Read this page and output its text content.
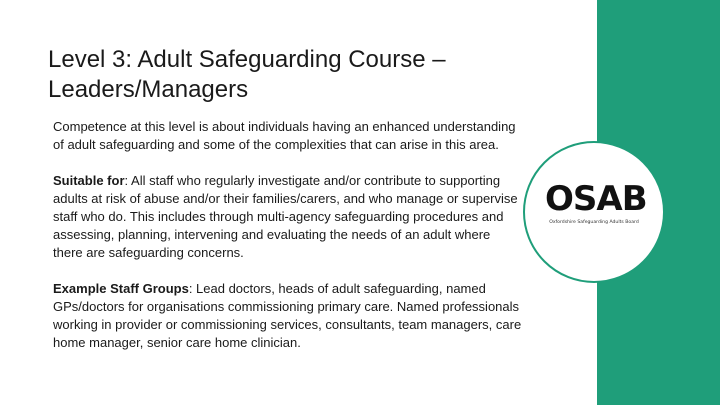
OSAB
Oxfordshire Safeguarding Adults Board
Level 3: Adult Safeguarding Course – Leaders/Managers

Competence at this level is about individuals having an enhanced understanding of adult safeguarding and some of the complexities that can arise in this area.

Suitable for: All staff who regularly investigate and/or contribute to supporting adults at risk of abuse and/or their families/carers, and who manage or supervise staff who do. This includes through multi-agency safeguarding procedures and assessing, planning, intervening and evaluating the needs of an adult where there are safeguarding concerns.

Example Staff Groups: Lead doctors, heads of adult safeguarding, named GPs/doctors for organisations commissioning primary care. Named professionals working in provider or commissioning services, consultants, team managers, care home manager, senior care home clinician.
